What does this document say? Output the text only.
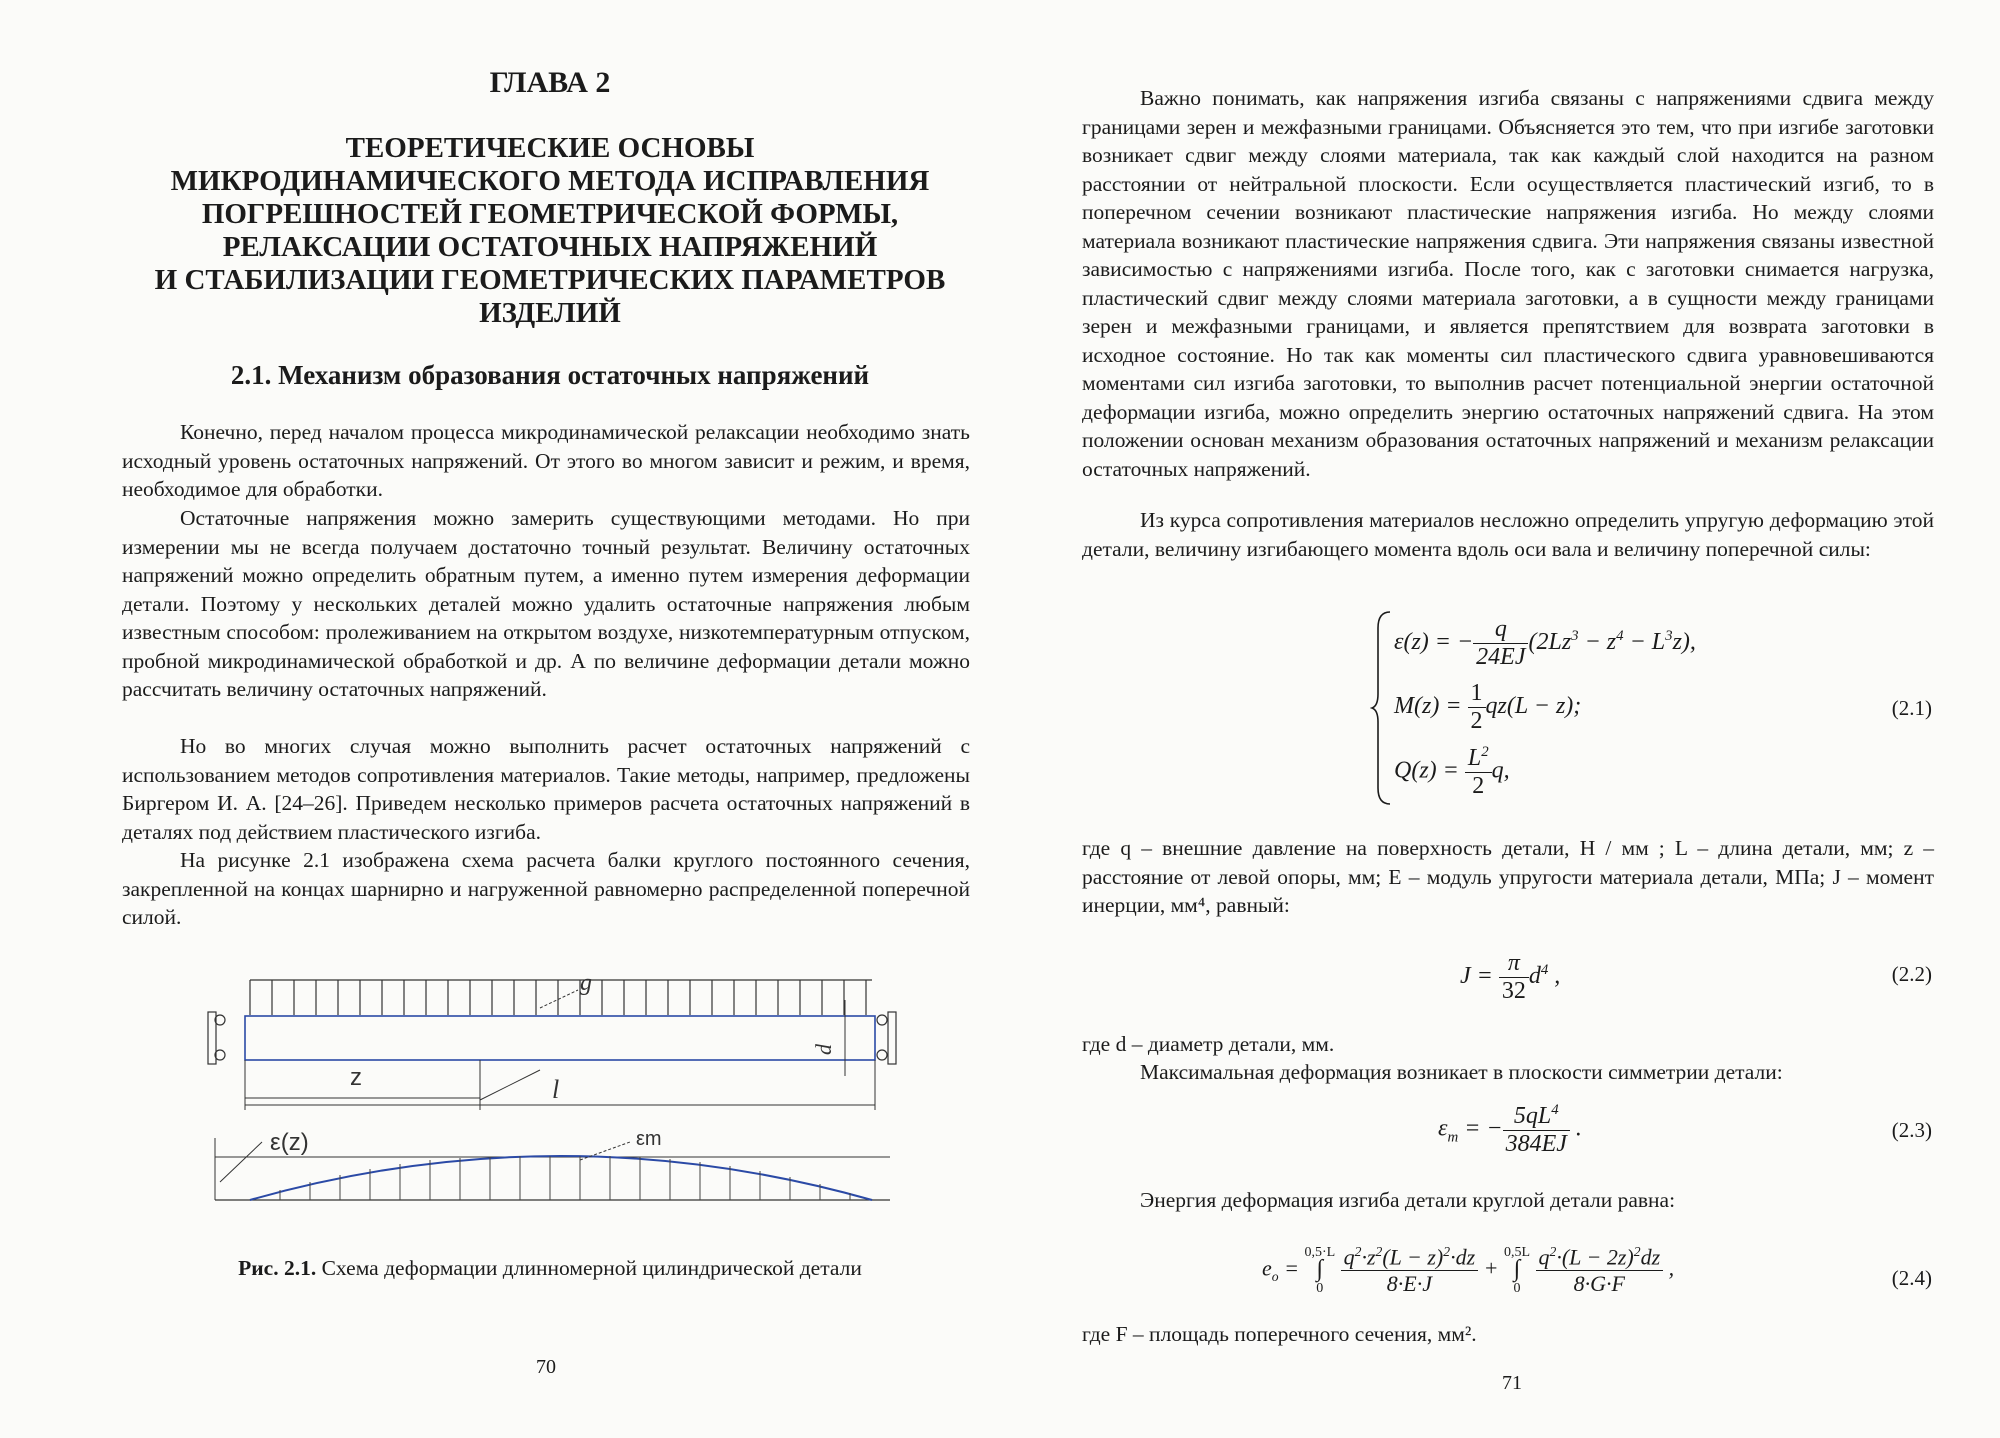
ГЛАВА 2
ТЕОРЕТИЧЕСКИЕ ОСНОВЫ
МИКРОДИНАМИЧЕСКОГО МЕТОДА ИСПРАВЛЕНИЯ
ПОГРЕШНОСТЕЙ ГЕОМЕТРИЧЕСКОЙ ФОРМЫ,
РЕЛАКСАЦИИ ОСТАТОЧНЫХ НАПРЯЖЕНИЙ
И СТАБИЛИЗАЦИИ ГЕОМЕТРИЧЕСКИХ ПАРАМЕТРОВ
ИЗДЕЛИЙ
2.1. Механизм образования остаточных напряжений

Конечно, перед началом процесса микродинамической релаксации необходимо знать исходный уровень остаточных напряжений. От этого во многом зависит и режим, и время, необходимое для обработки.

Остаточные напряжения можно замерить существующими методами. Но при измерении мы не всегда получаем достаточно точный результат. Величину остаточных напряжений можно определить обратным путем, а именно путем измерения деформации детали. Поэтому у нескольких деталей можно удалить остаточные напряжения любым известным способом: пролеживанием на открытом воздухе, низкотемпературным отпуском, пробной микродинамической обработкой и др. А по величине деформации детали можно рассчитать величину остаточных напряжений.

Но во многих случая можно выполнить расчет остаточных напряжений с использованием методов сопротивления материалов. Такие методы, например, предложены Биргером И. А. [24–26]. Приведем несколько примеров расчета остаточных напряжений в деталях под действием пластического изгиба.

На рисунке 2.1 изображена схема расчета балки круглого постоянного сечения, закрепленной на концах шарнирно и нагруженной равномерно распределенной поперечной силой.

g
d
z	l
ε(z)	εm
Рис. 2.1. Схема деформации длинномерной цилиндрической детали
70

Важно понимать, как напряжения изгиба связаны с напряжениями сдвига между границами зерен и межфазными границами. Объясняется это тем, что при изгибе заготовки возникает сдвиг между слоями материала, так как каждый слой находится на разном расстоянии от нейтральной плоскости. Если осуществляется пластический изгиб, то в поперечном сечении возникают пластические напряжения изгиба. Но между слоями материала возникают пластические напряжения сдвига. Эти напряжения связаны известной зависимостью с напряжениями изгиба. После того, как с заготовки снимается нагрузка, пластический сдвиг между слоями материала заготовки, а в сущности между границами зерен и межфазными границами, и является препятствием для возврата заготовки в исходное состояние. Но так как моменты сил пластического сдвига уравновешиваются моментами сил изгиба заготовки, то выполнив расчет потенциальной энергии остаточной деформации изгиба, можно определить энергию остаточных напряжений сдвига. На этом положении основан механизм образования остаточных напряжений и механизм релаксации остаточных напряжений.

Из курса сопротивления материалов несложно определить упругую деформацию этой детали, величину изгибающего момента вдоль оси вала и величину поперечной силы:

ε(z) = − $\frac{q}{24EJ} (2Lz^3 - z^4 - L^3z)$,
$M(z) = \frac{1}{2} qz(L - z)$;
$Q(z) = \frac{L^2}{2} q$,
(2.1)

где q – внешние давление на поверхность детали, Н / мм ; L – длина детали, мм; z – расстояние от левой опоры, мм; E – модуль упругости материала детали, МПа; J – момент инерции, мм⁴, равный:

$J = \frac{\pi}{32} d^4$ ,	(2.2)

где d – диаметр детали, мм.

Максимальная деформация возникает в плоскости симметрии детали:

$\varepsilon_m$ = − $\frac{5qL^4}{384EJ}$ .	(2.3)

Энергия деформация изгиба детали круглой детали равна:

$e_o = 0,5\cdot L$
∫
$0 \frac{q^2\cdot z^2(L - z)^2\cdot dz}{8\cdot E\cdot J} + 0,5L$
∫
$0 \frac{q^2\cdot(L - 2z)^2dz}{8\cdot G\cdot F}$ ,	(2.4)

где F – площадь поперечного сечения, мм².

71
